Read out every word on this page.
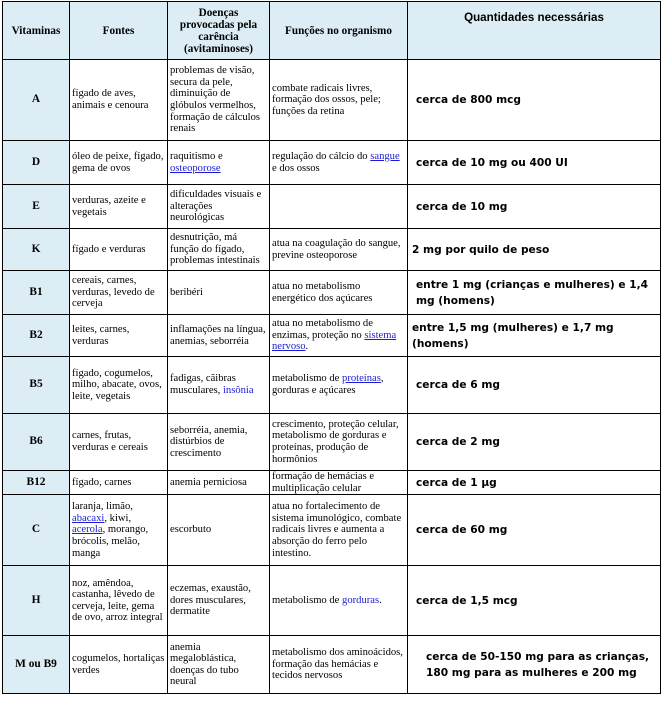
Vitaminas	Fontes	Doenças provocadas pela carência (avitaminoses)	Funções no organismo	Quantidades necessárias
A	fígado de aves, animais e cenoura	problemas de visão, secura da pele, diminuição de glóbulos vermelhos, formação de cálculos renais	combate radicais livres, formação dos ossos, pele; funções da retina	cerca de 800 mcg
D	óleo de peixe, fígado, gema de ovos	raquitismo e osteoporose	regulação do cálcio do sangue e dos ossos	cerca de 10 mg ou 400 UI
E	verduras, azeite e vegetais	dificuldades visuais e alterações neurológicas		cerca de 10 mg
K	fígado e verduras	desnutrição, má função do fígado, problemas intestinais	atua na coagulação do sangue, previne osteoporose	2 mg por quilo de peso
B1	cereais, carnes, verduras, levedo de cerveja	beribéri	atua no metabolismo energético dos açúcares	entre 1 mg (crianças e mulheres) e 1,4 mg (homens)
B2	leites, carnes, verduras	inflamações na língua, anemias, seborréia	atua no metabolismo de enzimas, proteção no sistema nervoso.	entre 1,5 mg (mulheres) e 1,7 mg (homens)
B5	fígado, cogumelos, milho, abacate, ovos, leite, vegetais	fadigas, cãibras musculares, insônia	metabolismo de proteínas, gorduras e açúcares	cerca de 6 mg
B6	carnes, frutas, verduras e cereais	seborréia, anemia, distúrbios de crescimento	crescimento, proteção celular, metabolismo de gorduras e proteínas, produção de hormônios	cerca de 2 mg
B12	fígado, carnes	anemia perniciosa	formação de hemácias e multiplicação celular	cerca de 1 µg
C	laranja, limão, abacaxi, kiwi, acerola, morango, brócolis, melão, manga	escorbuto	atua no fortalecimento de sistema imunológico, combate radicais livres e aumenta a absorção do ferro pelo intestino.	cerca de 60 mg
H	noz, amêndoa, castanha, lêvedo de cerveja, leite, gema de ovo, arroz integral	eczemas, exaustão, dores musculares, dermatite	metabolismo de gorduras.	cerca de 1,5 mcg
M ou B9	cogumelos, hortaliças verdes	anemia megaloblástica, doenças do tubo neural	metabolismo dos aminoácidos, formação das hemácias e tecidos nervosos	cerca de 50-150 mg para as crianças, 180 mg para as mulheres e 200 mg
